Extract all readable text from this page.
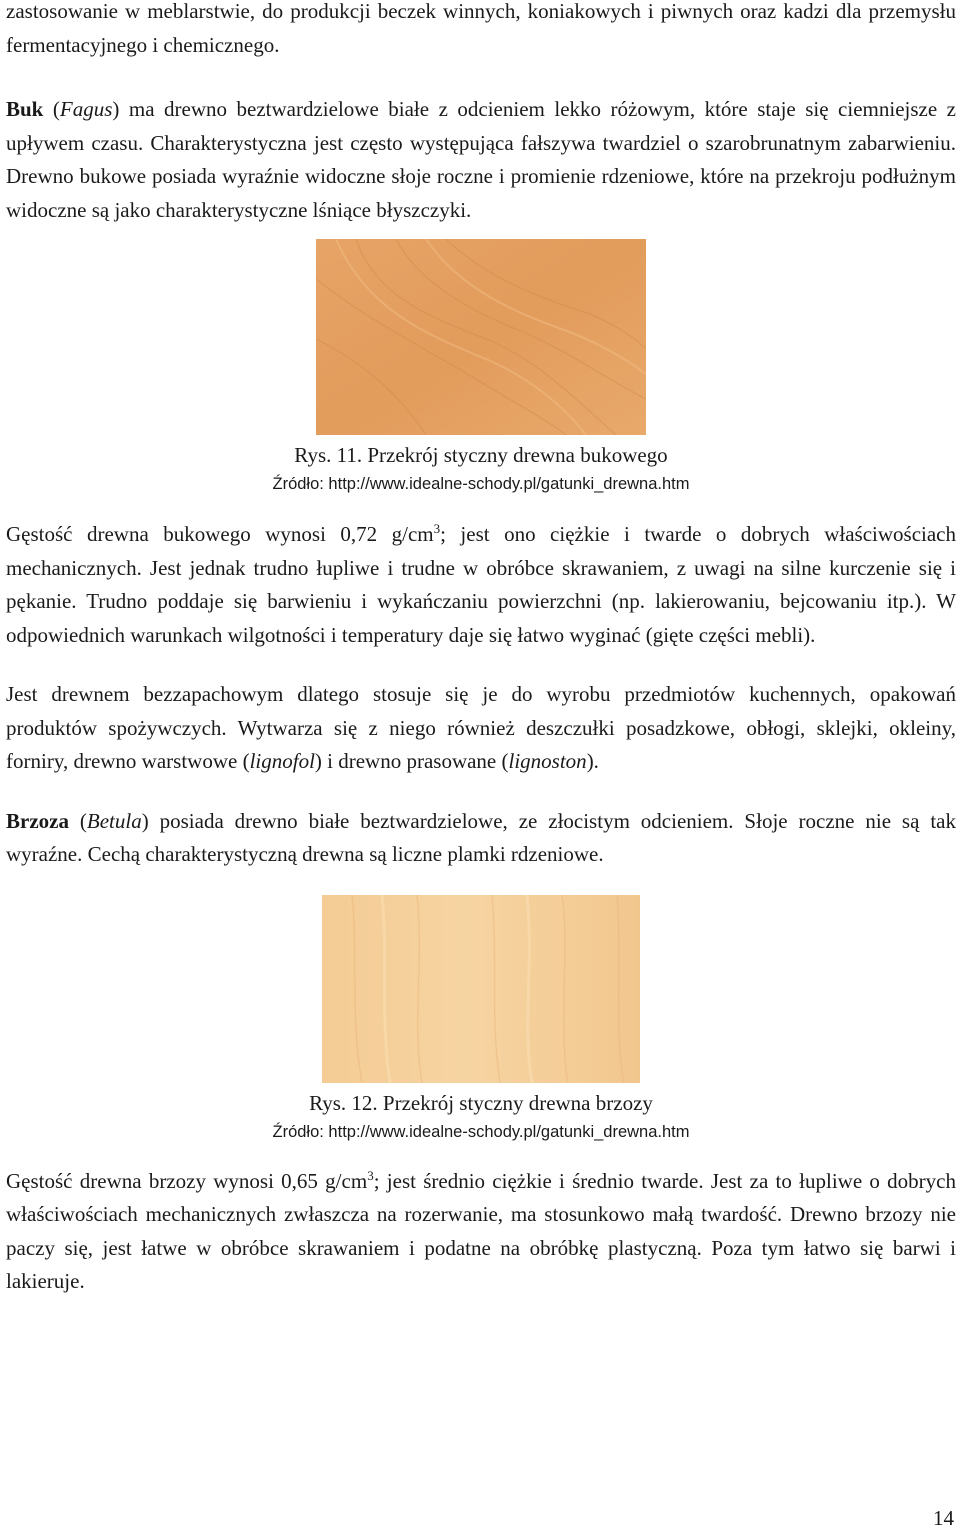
zastosowanie w meblarstwie, do produkcji beczek winnych, koniakowych i piwnych oraz kadzi dla przemysłu fermentacyjnego i chemicznego.

Buk (Fagus) ma drewno beztwardzielowe białe z odcieniem lekko różowym, które staje się ciemniejsze z upływem czasu. Charakterystyczna jest często występująca fałszywa twardziel o szarobrunatnym zabarwieniu. Drewno bukowe posiada wyraźnie widoczne słoje roczne i promienie rdzeniowe, które na przekroju podłużnym widoczne są jako charakterystyczne lśniące błyszczyki.

Rys. 11. Przekrój styczny drewna bukowego

Źródło: http://www.idealne-schody.pl/gatunki_drewna.htm

Gęstość drewna bukowego wynosi 0,72 $g/cm^3$; jest ono ciężkie i twarde o dobrych właściwościach mechanicznych. Jest jednak trudno łupliwe i trudne w obróbce skrawaniem, z uwagi na silne kurczenie się i pękanie. Trudno poddaje się barwieniu i wykańczaniu powierzchni (np. lakierowaniu, bejcowaniu itp.). W odpowiednich warunkach wilgotności i temperatury daje się łatwo wyginać (gięte części mebli).

Jest drewnem bezzapachowym dlatego stosuje się je do wyrobu przedmiotów kuchennych, opakowań produktów spożywczych. Wytwarza się z niego również deszczułki posadzkowe, obłogi, sklejki, okleiny, forniry, drewno warstwowe (lignofol) i drewno prasowane (lignoston).

Brzoza (Betula) posiada drewno białe beztwardzielowe, ze złocistym odcieniem. Słoje roczne nie są tak wyraźne. Cechą charakterystyczną drewna są liczne plamki rdzeniowe.

Rys. 12. Przekrój styczny drewna brzozy

Źródło: http://www.idealne-schody.pl/gatunki_drewna.htm

Gęstość drewna brzozy wynosi 0,65 $g/cm^3$; jest średnio ciężkie i średnio twarde. Jest za to łupliwe o dobrych właściwościach mechanicznych zwłaszcza na rozerwanie, ma stosunkowo małą twardość. Drewno brzozy nie paczy się, jest łatwe w obróbce skrawaniem i podatne na obróbkę plastyczną. Poza tym łatwo się barwi i lakieruje.

14
